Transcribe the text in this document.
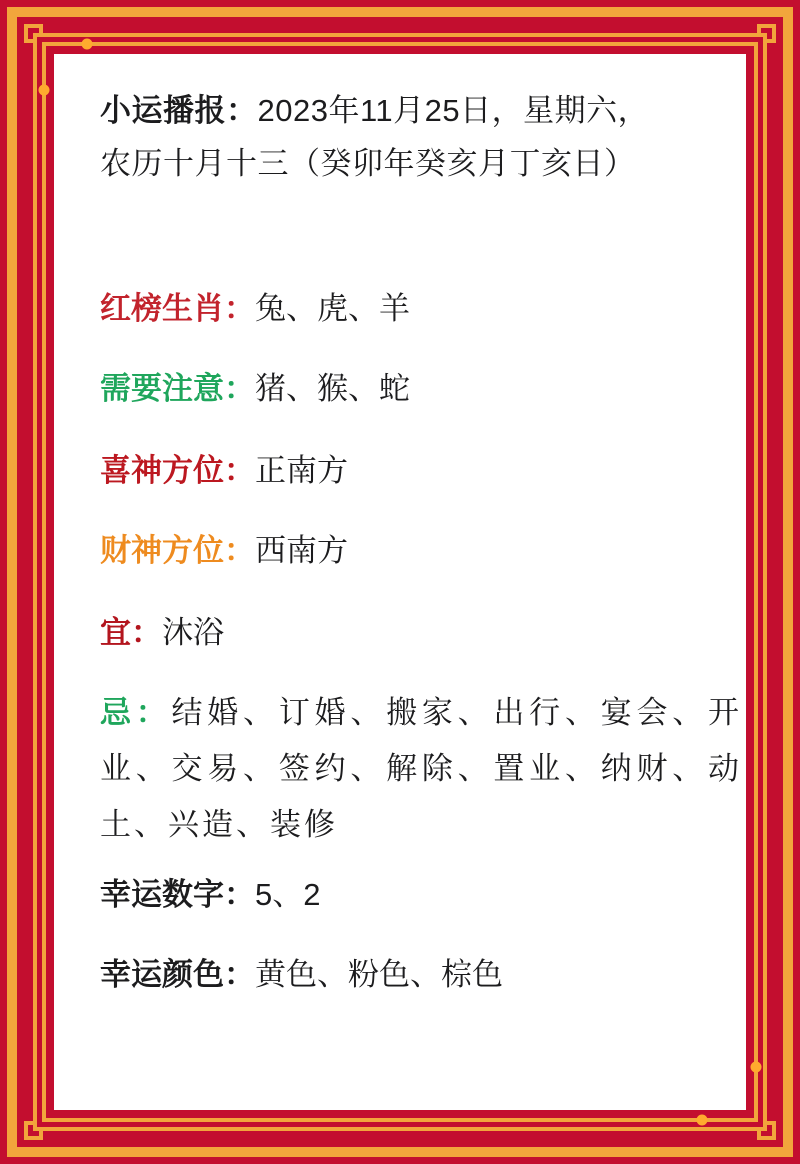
小运播报：2023年11月25日，星期六，
农历十月十三（癸卯年癸亥月丁亥日）
红榜生肖：兔、虎、羊
需要注意：猪、猴、蛇
喜神方位：正南方
财神方位：西南方
宜：沐浴
忌：结婚、订婚、搬家、出行、宴会、开业、交易、签约、解除、置业、纳财、动土、兴造、装修
幸运数字：5、2
幸运颜色：黄色、粉色、棕色
